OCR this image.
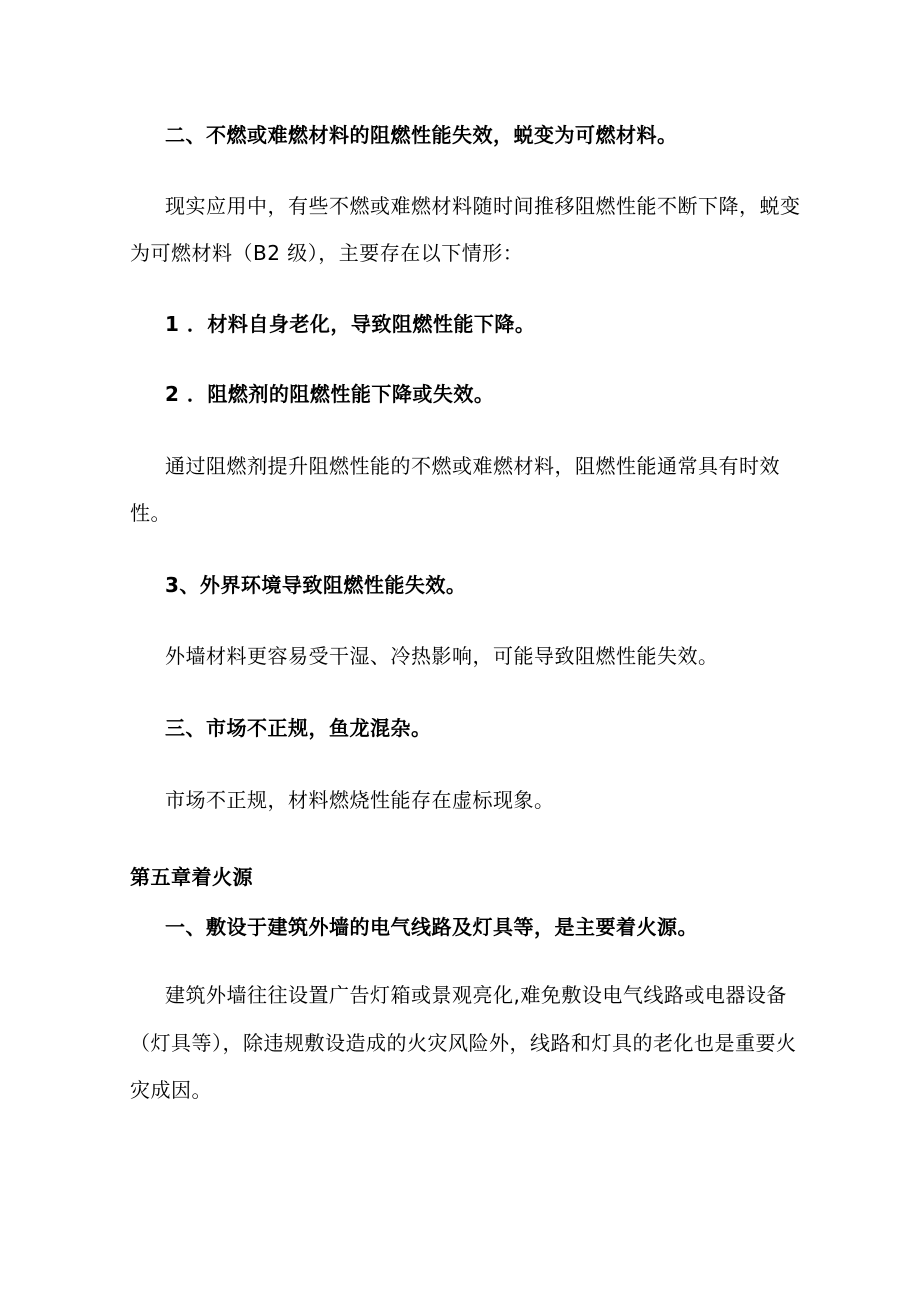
二、不燃或难燃材料的阻燃性能失效，蜕变为可燃材料。
现实应用中，有些不燃或难燃材料随时间推移阻燃性能不断下降，蜕变
为可燃材料（B2 级），主要存在以下情形：
1 ．材料自身老化，导致阻燃性能下降。
2 ．阻燃剂的阻燃性能下降或失效。
通过阻燃剂提升阻燃性能的不燃或难燃材料，阻燃性能通常具有时效
性。
3、外界环境导致阻燃性能失效。
外墙材料更容易受干湿、冷热影响，可能导致阻燃性能失效。
三、市场不正规，鱼龙混杂。
市场不正规，材料燃烧性能存在虚标现象。
第五章着火源
一、敷设于建筑外墙的电气线路及灯具等，是主要着火源。
建筑外墙往往设置广告灯箱或景观亮化,难免敷设电气线路或电器设备
（灯具等），除违规敷设造成的火灾风险外，线路和灯具的老化也是重要火
灾成因。
